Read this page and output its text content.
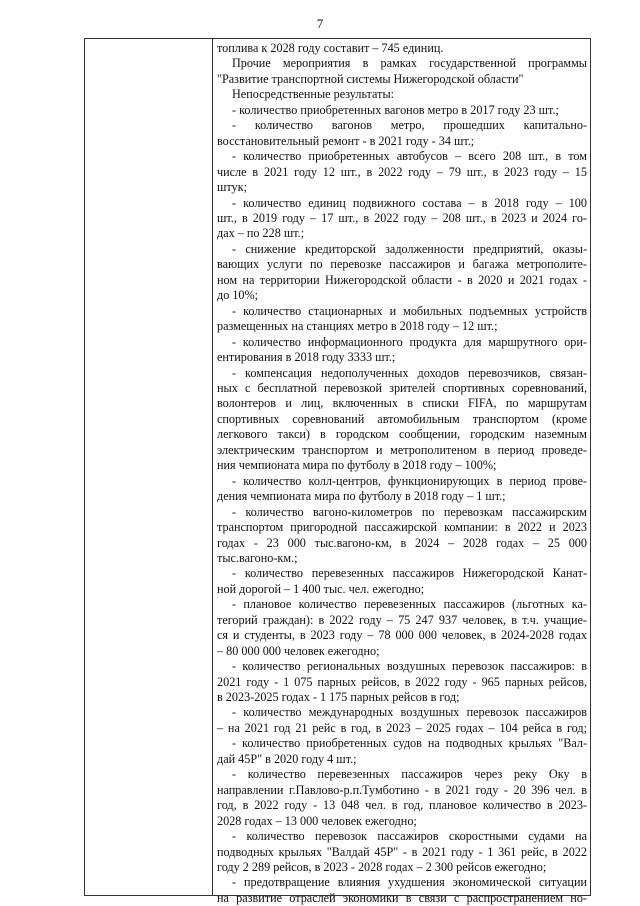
7
топлива к 2028 году составит – 745 единиц.
Прочие мероприятия в рамках государственной программы
"Развитие транспортной системы Нижегородской области"
Непосредственные результаты:
- количество приобретенных вагонов метро в 2017 году 23 шт.;
- количество вагонов метро, прошедших капитально-
восстановительный ремонт - в 2021 году - 34 шт.;
- количество приобретенных автобусов – всего 208 шт., в том
числе в 2021 году 12 шт., в 2022 году – 79 шт., в 2023 году – 15
штук;
- количество единиц подвижного состава – в 2018 году – 100
шт., в 2019 году – 17 шт., в 2022 году – 208 шт., в 2023 и 2024 го-
дах – по 228 шт.;
- снижение кредиторской задолженности предприятий, оказы-
вающих услуги по перевозке пассажиров и багажа метрополите-
ном на территории Нижегородской области - в 2020 и 2021 годах -
до 10%;
- количество стационарных и мобильных подъемных устройств
размещенных на станциях метро в 2018 году – 12 шт.;
- количество информационного продукта для маршрутного ори-
ентирования в 2018 году 3333 шт.;
- компенсация недополученных доходов перевозчиков, связан-
ных с бесплатной перевозкой зрителей спортивных соревнований,
волонтеров и лиц, включенных в списки FIFA, по маршрутам
спортивных соревнований автомобильным транспортом (кроме
легкового такси) в городском сообщении, городским наземным
электрическим транспортом и метрополитеном в период проведе-
ния чемпионата мира по футболу в 2018 году – 100%;
- количество колл-центров, функционирующих в период прове-
дения чемпионата мира по футболу в 2018 году – 1 шт.;
- количество вагоно-километров по перевозкам пассажирским
транспортом пригородной пассажирской компании: в 2022 и 2023
годах - 23 000 тыс.вагоно-км, в 2024 – 2028 годах – 25 000
тыс.вагоно-км.;
- количество перевезенных пассажиров Нижегородской Канат-
ной дорогой – 1 400 тыс. чел. ежегодно;
- плановое количество перевезенных пассажиров (льготных ка-
тегорий граждан): в 2022 году – 75 247 937 человек, в т.ч. учащие-
ся и студенты, в 2023 году – 78 000 000 человек, в 2024-2028 годах
– 80 000 000 человек ежегодно;
- количество региональных воздушных перевозок пассажиров: в
2021 году - 1 075 парных рейсов, в 2022 году - 965 парных рейсов,
в 2023-2025 годах - 1 175 парных рейсов в год;
- количество международных воздушных перевозок пассажиров
– на 2021 год 21 рейс в год, в 2023 – 2025 годах – 104 рейса в год;
- количество приобретенных судов на подводных крыльях "Вал-
дай 45Р" в 2020 году 4 шт.;
- количество перевезенных пассажиров через реку Оку в
направлении г.Павлово-р.п.Тумботино - в 2021 году - 20 396 чел. в
год, в 2022 году - 13 048 чел. в год, плановое количество в 2023-
2028 годах – 13 000 человек ежегодно;
- количество перевозок пассажиров скоростными судами на
подводных крыльях "Валдай 45Р" - в 2021 году - 1 361 рейс, в 2022
году 2 289 рейсов, в 2023 - 2028 годах – 2 300 рейсов ежегодно;
- предотвращение влияния ухудшения экономической ситуации
на развитие отраслей экономики в связи с распространением но-
